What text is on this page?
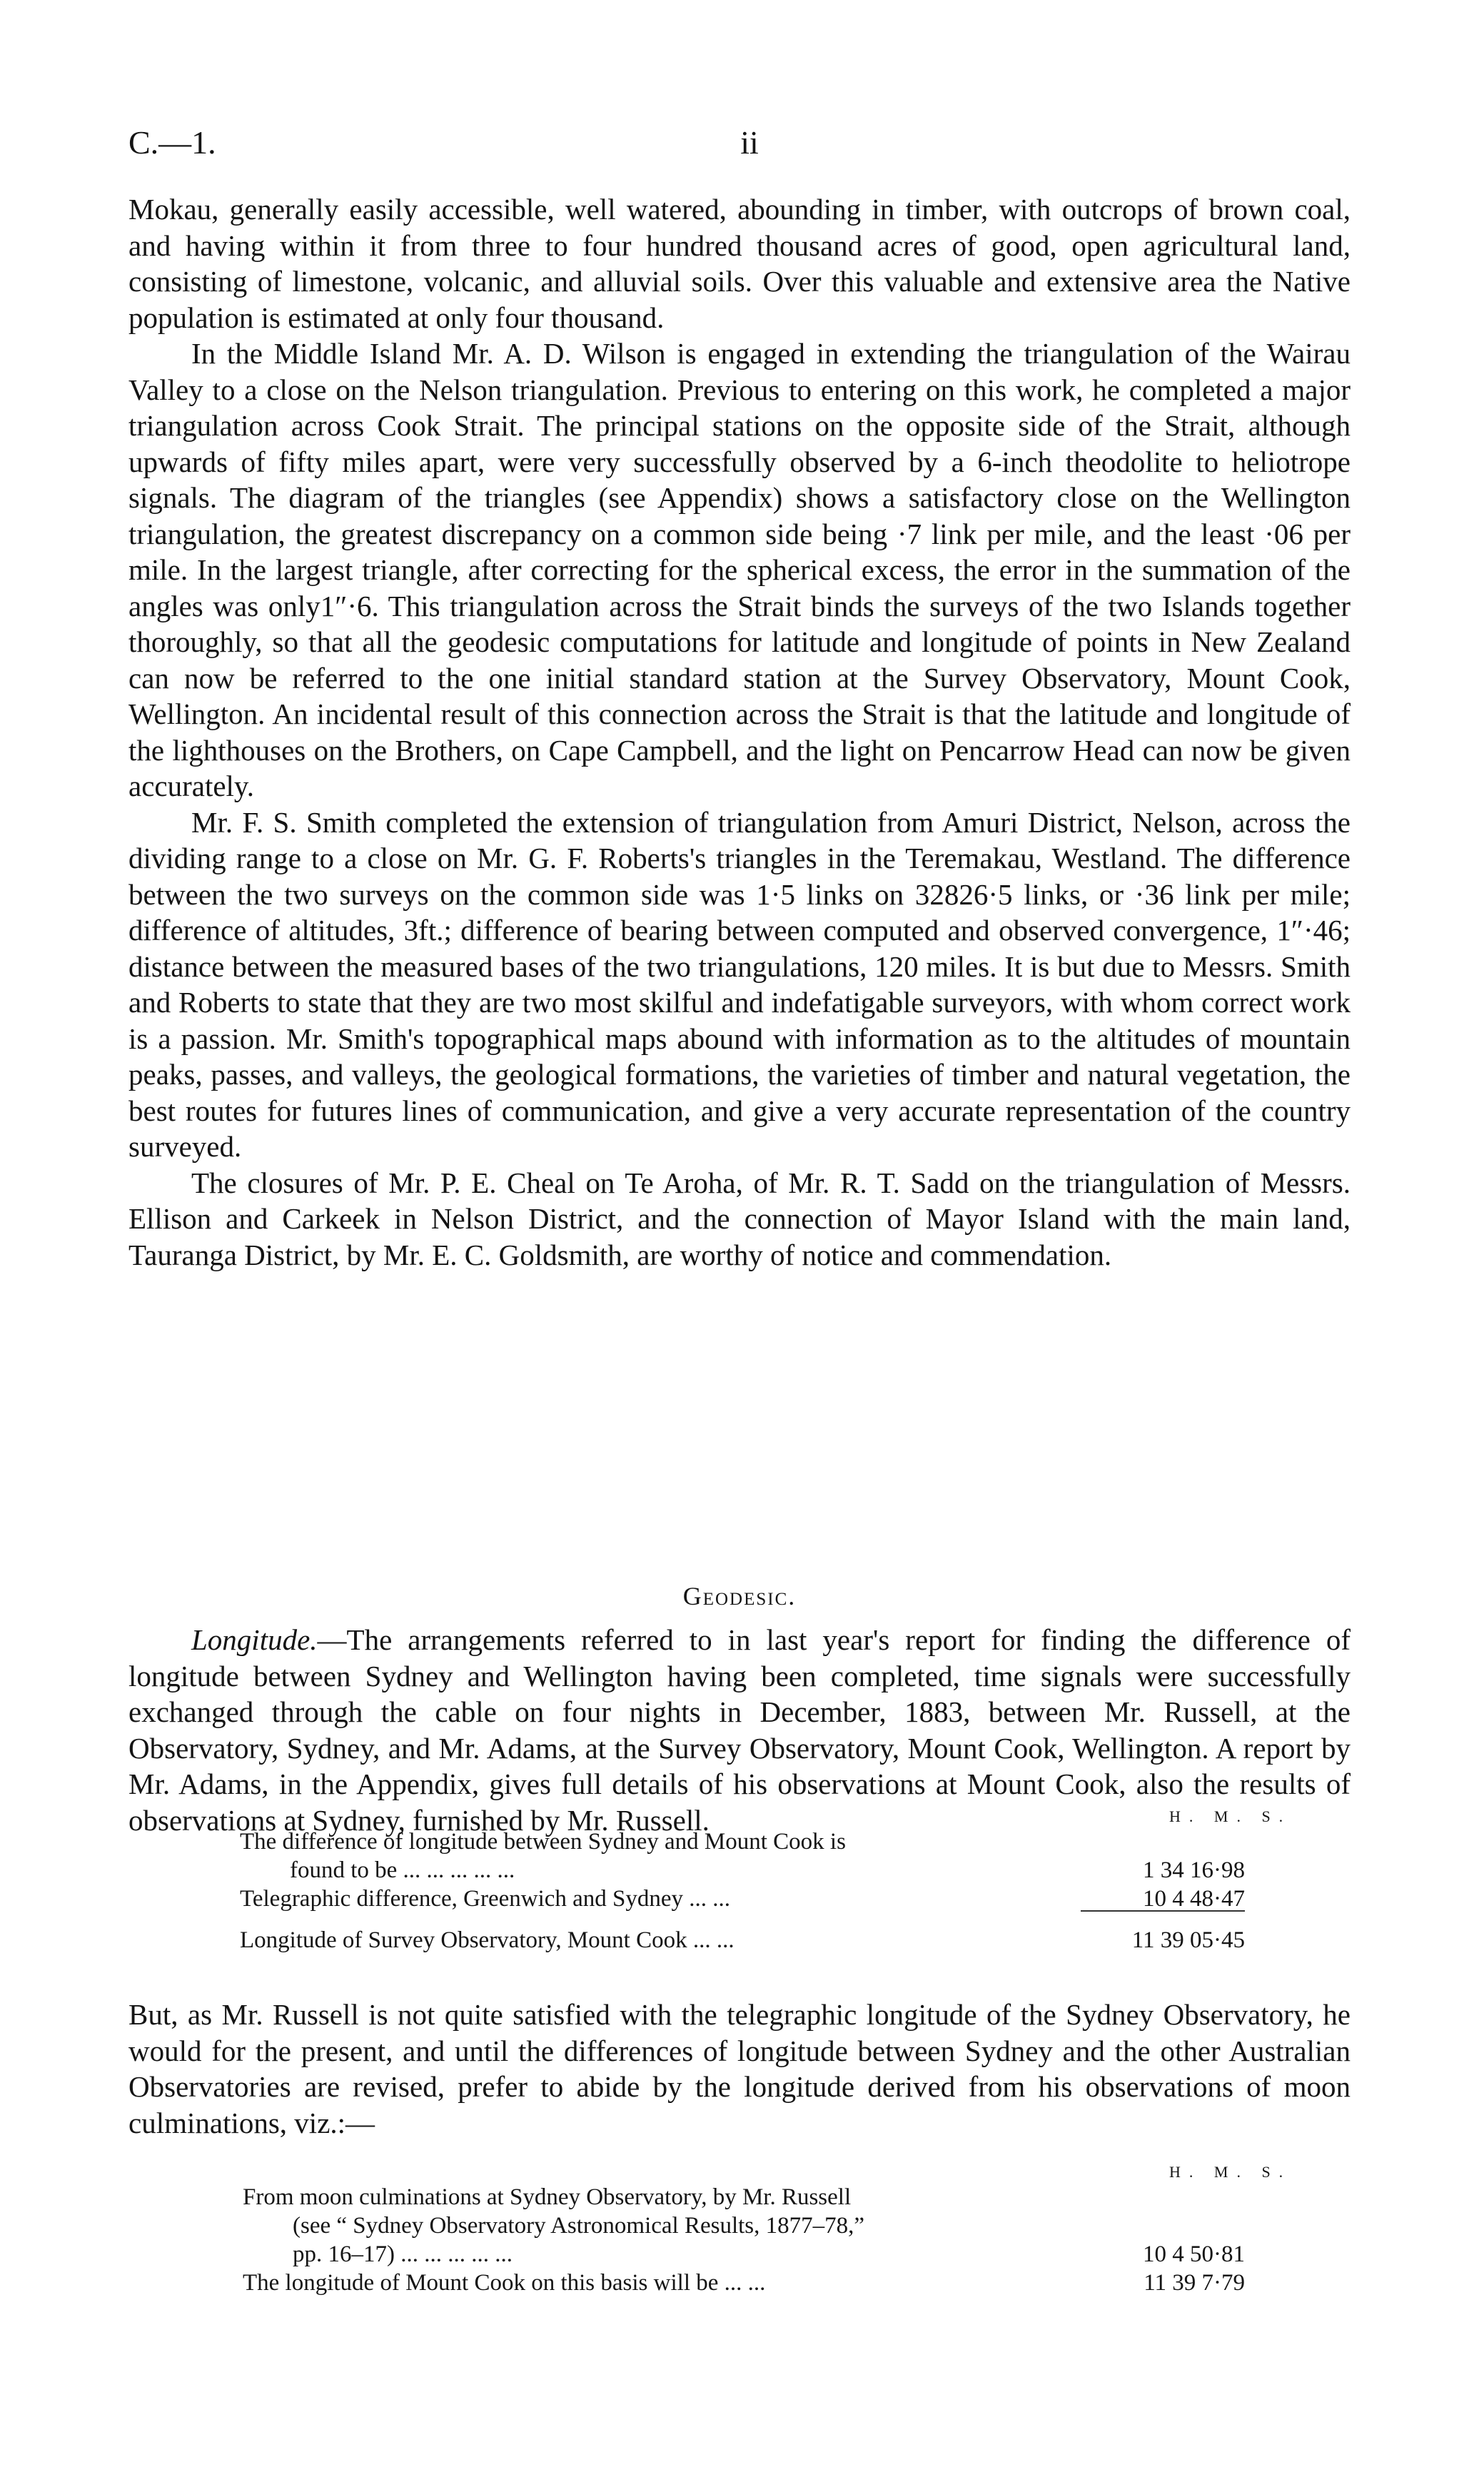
C.—1.	ii

Mokau, generally easily accessible, well watered, abounding in timber, with outcrops of brown coal, and having within it from three to four hundred thousand acres of good, open agricultural land, consisting of limestone, volcanic, and alluvial soils. Over this valuable and extensive area the Native population is estimated at only four thousand.

In the Middle Island Mr. A. D. Wilson is engaged in extending the triangulation of the Wairau Valley to a close on the Nelson triangulation. Previous to entering on this work, he completed a major triangulation across Cook Strait. The principal stations on the opposite side of the Strait, although upwards of fifty miles apart, were very successfully observed by a 6-inch theodolite to heliotrope signals. The diagram of the triangles (see Appendix) shows a satisfactory close on the Wellington triangulation, the greatest discrepancy on a common side being ·7 link per mile, and the least ·06 per mile. In the largest triangle, after correcting for the spherical excess, the error in the summation of the angles was only1″·6. This triangulation across the Strait binds the surveys of the two Islands together thoroughly, so that all the geodesic computations for latitude and longitude of points in New Zealand can now be referred to the one initial standard station at the Survey Observatory, Mount Cook, Wellington. An incidental result of this connection across the Strait is that the latitude and longitude of the lighthouses on the Brothers, on Cape Campbell, and the light on Pencarrow Head can now be given accurately.

Mr. F. S. Smith completed the extension of triangulation from Amuri District, Nelson, across the dividing range to a close on Mr. G. F. Roberts's triangles in the Teremakau, Westland. The difference between the two surveys on the common side was 1·5 links on 32826·5 links, or ·36 link per mile; difference of altitudes, 3ft.; difference of bearing between computed and observed convergence, 1″·46; distance between the measured bases of the two triangulations, 120 miles. It is but due to Messrs. Smith and Roberts to state that they are two most skilful and indefatigable surveyors, with whom correct work is a passion. Mr. Smith's topographical maps abound with information as to the altitudes of mountain peaks, passes, and valleys, the geological formations, the varieties of timber and natural vegetation, the best routes for futures lines of communication, and give a very accurate representation of the country surveyed.

The closures of Mr. P. E. Cheal on Te Aroha, of Mr. R. T. Sadd on the triangulation of Messrs. Ellison and Carkeek in Nelson District, and the connection of Mayor Island with the main land, Tauranga District, by Mr. E. C. Goldsmith, are worthy of notice and commendation.

Geodesic.

Longitude.—The arrangements referred to in last year's report for finding the difference of longitude between Sydney and Wellington having been completed, time signals were successfully exchanged through the cable on four nights in December, 1883, between Mr. Russell, at the Observatory, Sydney, and Mr. Adams, at the Survey Observatory, Mount Cook, Wellington. A report by Mr. Adams, in the Appendix, gives full details of his observations at Mount Cook, also the results of observations at Sydney, furnished by Mr. Russell.	H. M. S.
The difference of longitude between Sydney and Mount Cook is
found to be ... ... ... ... ...	1 34 16·98
Telegraphic difference, Greenwich and Sydney ... ...	10 4 48·47
Longitude of Survey Observatory, Mount Cook ... ...	11 39 05·45

But, as Mr. Russell is not quite satisfied with the telegraphic longitude of the Sydney Observatory, he would for the present, and until the differences of longitude between Sydney and the other Australian Observatories are revised, prefer to abide by the longitude derived from his observations of moon culminations, viz.:—

H. M. S.
From moon culminations at Sydney Observatory, by Mr. Russell
(see “ Sydney Observatory Astronomical Results, 1877–78,”
pp. 16–17) ... ... ... ... ...	10 4 50·81
The longitude of Mount Cook on this basis will be ... ...	11 39 7·79
